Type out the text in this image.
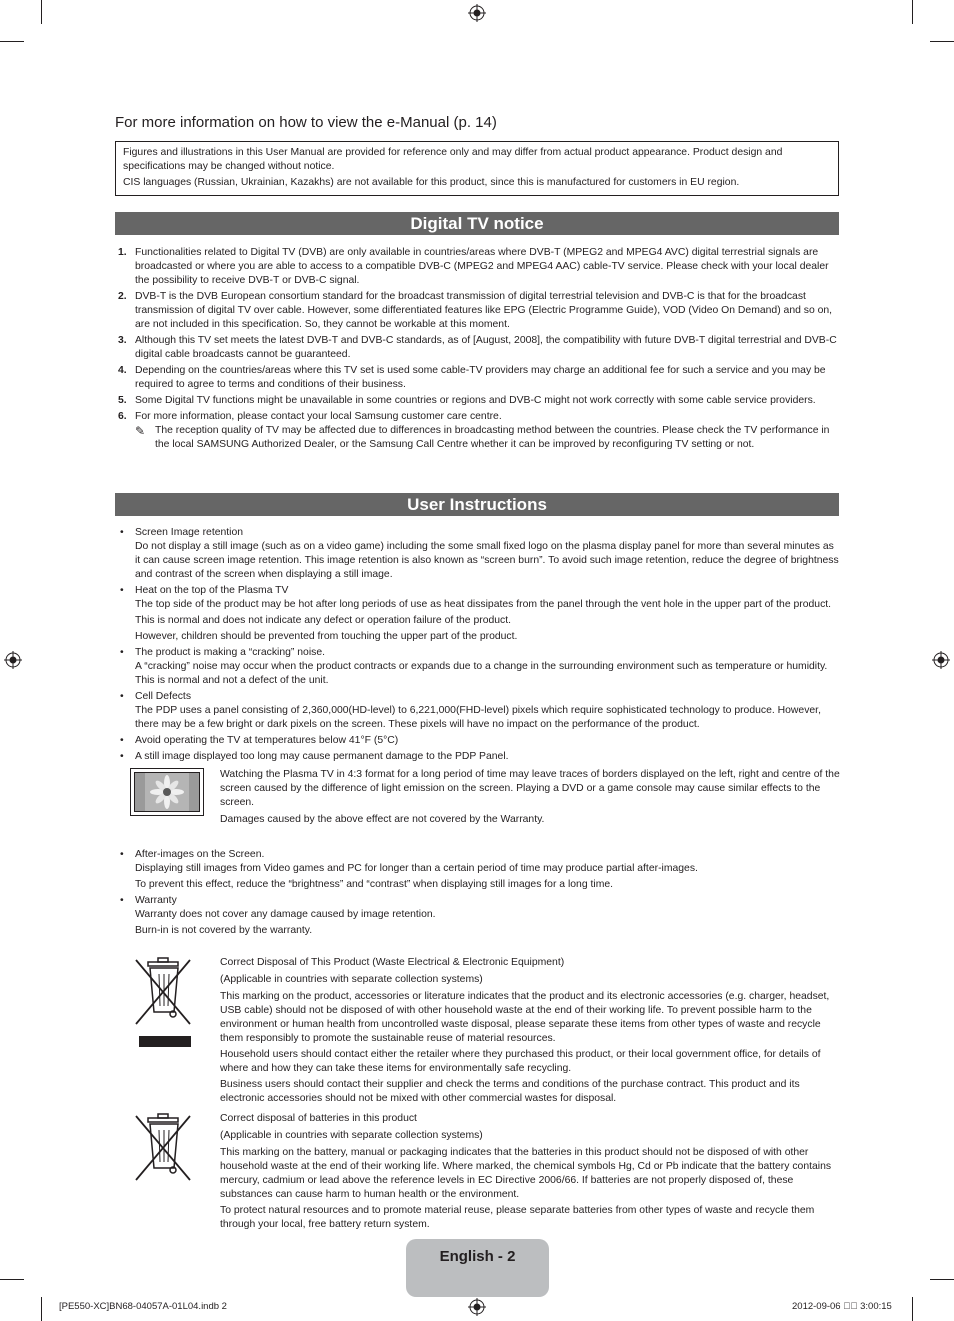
For more information on how to view the e-Manual (p. 14)

Figures and illustrations in this User Manual are provided for reference only and may differ from actual product appearance. Product design and specifications may be changed without notice.

CIS languages (Russian, Ukrainian, Kazakhs) are not available for this product, since this is manufactured for customers in EU region.

Digital TV notice
1. Functionalities related to Digital TV (DVB) are only available in countries/areas where DVB-T (MPEG2 and MPEG4 AVC) digital terrestrial signals are broadcasted or where you are able to access to a compatible DVB-C (MPEG2 and MPEG4 AAC) cable-TV service. Please check with your local dealer the possibility to receive DVB-T or DVB-C signal.
2. DVB-T is the DVB European consortium standard for the broadcast transmission of digital terrestrial television and DVB-C is that for the broadcast transmission of digital TV over cable. However, some differentiated features like EPG (Electric Programme Guide), VOD (Video On Demand) and so on, are not included in this specification. So, they cannot be workable at this moment.
3. Although this TV set meets the latest DVB-T and DVB-C standards, as of [August, 2008], the compatibility with future DVB-T digital terrestrial and DVB-C digital cable broadcasts cannot be guaranteed.
4. Depending on the countries/areas where this TV set is used some cable-TV providers may charge an additional fee for such a service and you may be required to agree to terms and conditions of their business.
5. Some Digital TV functions might be unavailable in some countries or regions and DVB-C might not work correctly with some cable service providers.
6. For more information, please contact your local Samsung customer care centre.
✎ The reception quality of TV may be affected due to differences in broadcasting method between the countries. Please check the TV performance in the local SAMSUNG Authorized Dealer, or the Samsung Call Centre whether it can be improved by reconfiguring TV setting or not.
User Instructions
• Screen Image retention

Do not display a still image (such as on a video game) including the some small fixed logo on the plasma display panel for more than several minutes as it can cause screen image retention. This image retention is also known as “screen burn”. To avoid such image retention, reduce the degree of brightness and contrast of the screen when displaying a still image.

• Heat on the top of the Plasma TV

The top side of the product may be hot after long periods of use as heat dissipates from the panel through the vent hole in the upper part of the product.

This is normal and does not indicate any defect or operation failure of the product.

However, children should be prevented from touching the upper part of the product.

• The product is making a “cracking” noise.

A “cracking” noise may occur when the product contracts or expands due to a change in the surrounding environment such as temperature or humidity. This is normal and not a defect of the unit.

• Cell Defects

The PDP uses a panel consisting of 2,360,000(HD-level) to 6,221,000(FHD-level) pixels which require sophisticated technology to produce. However, there may be a few bright or dark pixels on the screen. These pixels will have no impact on the performance of the product.

• Avoid operating the TV at temperatures below 41°F (5°C)
• A still image displayed too long may cause permanent damage to the PDP Panel.

Watching the Plasma TV in 4:3 format for a long period of time may leave traces of borders displayed on the left, right and centre of the screen caused by the difference of light emission on the screen. Playing a DVD or a game console may cause similar effects to the screen.

Damages caused by the above effect are not covered by the Warranty.

• After-images on the Screen.

Displaying still images from Video games and PC for longer than a certain period of time may produce partial after-images.

To prevent this effect, reduce the “brightness” and “contrast” when displaying still images for a long time.

• Warranty

Warranty does not cover any damage caused by image retention.

Burn-in is not covered by the warranty.

Correct Disposal of This Product (Waste Electrical & Electronic Equipment)

(Applicable in countries with separate collection systems)

This marking on the product, accessories or literature indicates that the product and its electronic accessories (e.g. charger, headset, USB cable) should not be disposed of with other household waste at the end of their working life. To prevent possible harm to the environment or human health from uncontrolled waste disposal, please separate these items from other types of waste and recycle them responsibly to promote the sustainable reuse of material resources.

Household users should contact either the retailer where they purchased this product, or their local government office, for details of where and how they can take these items for environmentally safe recycling.

Business users should contact their supplier and check the terms and conditions of the purchase contract. This product and its electronic accessories should not be mixed with other commercial wastes for disposal.

Correct disposal of batteries in this product

(Applicable in countries with separate collection systems)

This marking on the battery, manual or packaging indicates that the batteries in this product should not be disposed of with other household waste at the end of their working life. Where marked, the chemical symbols Hg, Cd or Pb indicate that the battery contains mercury, cadmium or lead above the reference levels in EC Directive 2006/66. If batteries are not properly disposed of, these substances can cause harm to human health or the environment.

To protect natural resources and to promote material reuse, please separate batteries from other types of waste and recycle them through your local, free battery return system.

English - 2
[PE550-XC]BN68-04057A-01L04.indb 2	2012-09-06    3:00:15
